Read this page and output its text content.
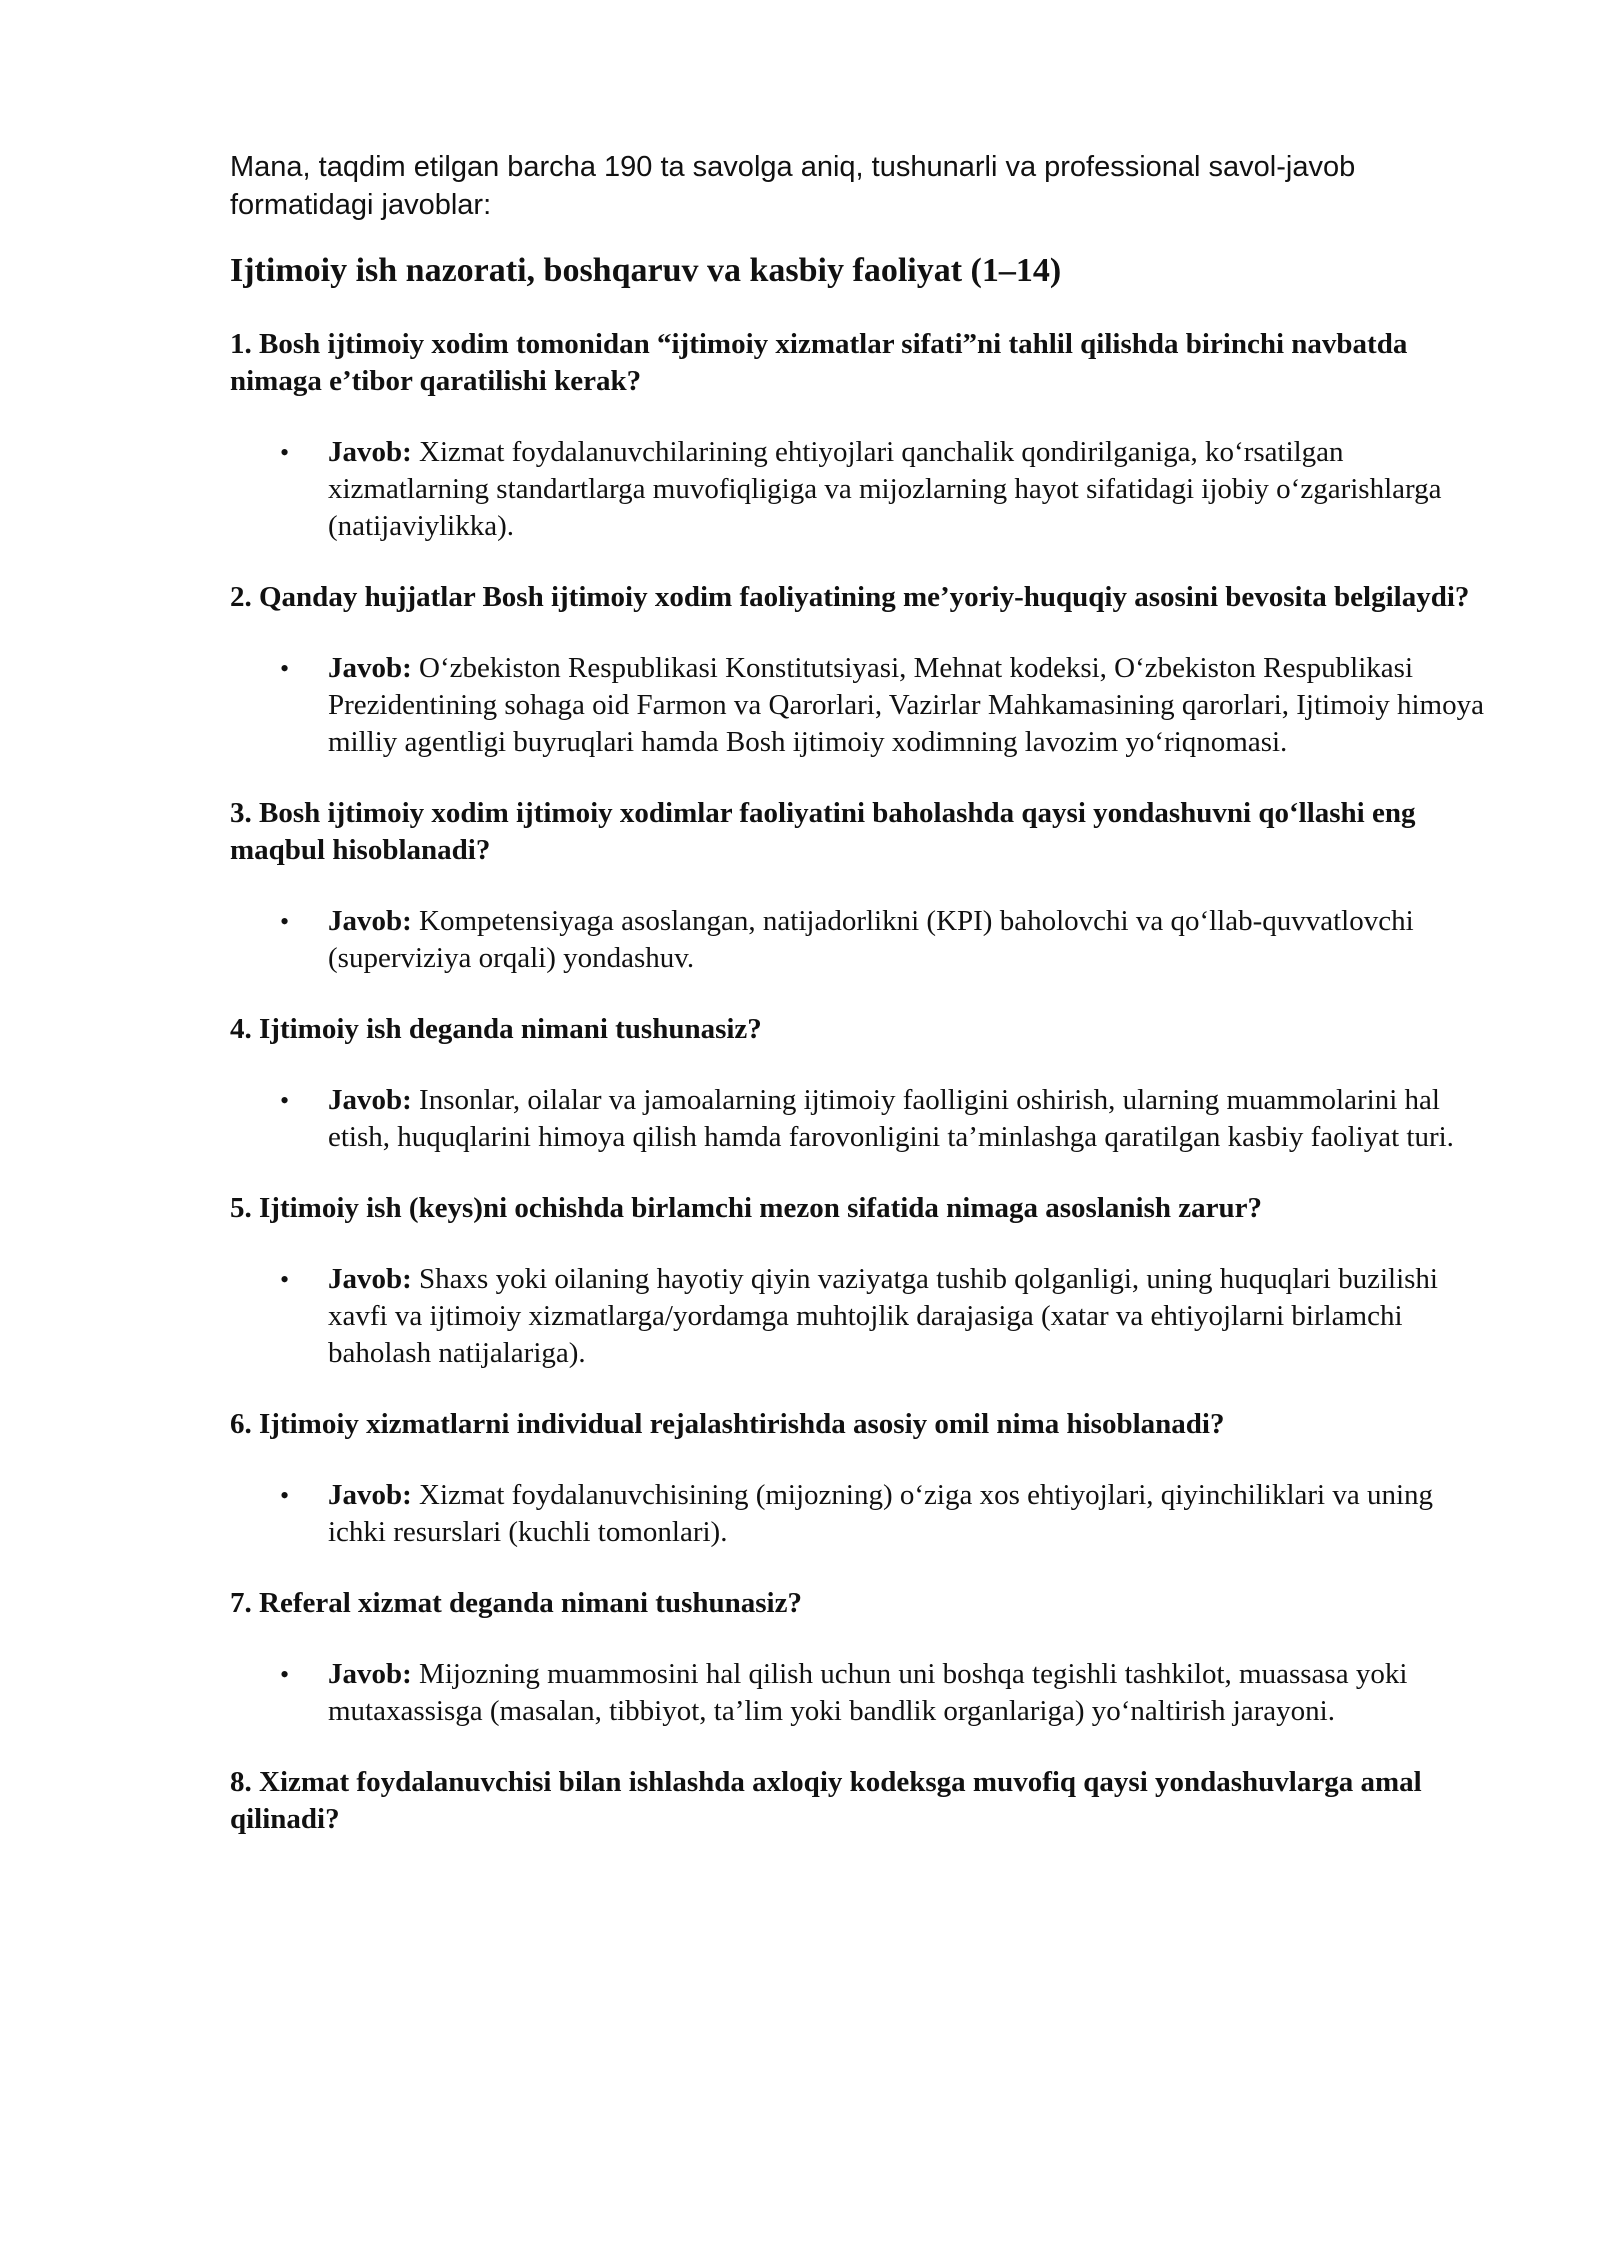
Mana, taqdim etilgan barcha 190 ta savolga aniq, tushunarli va professional savol-javob formatidagi javoblar:

Ijtimoiy ish nazorati, boshqaruv va kasbiy faoliyat (1–14)

1. Bosh ijtimoiy xodim tomonidan “ijtimoiy xizmatlar sifati”ni tahlil qilishda birinchi navbatda nimaga e’tibor qaratilishi kerak?

• Javob: Xizmat foydalanuvchilarining ehtiyojlari qanchalik qondirilganiga, koʻrsatilgan xizmatlarning standartlarga muvofiqligiga va mijozlarning hayot sifatidagi ijobiy oʻzgarishlarga (natijaviylikka).

2. Qanday hujjatlar Bosh ijtimoiy xodim faoliyatining me’yoriy-huquqiy asosini bevosita belgilaydi?

• Javob: Oʻzbekiston Respublikasi Konstitutsiyasi, Mehnat kodeksi, Oʻzbekiston Respublikasi Prezidentining sohaga oid Farmon va Qarorlari, Vazirlar Mahkamasining qarorlari, Ijtimoiy himoya milliy agentligi buyruqlari hamda Bosh ijtimoiy xodimning lavozim yoʻriqnomasi.

3. Bosh ijtimoiy xodim ijtimoiy xodimlar faoliyatini baholashda qaysi yondashuvni qoʻllashi eng maqbul hisoblanadi?

• Javob: Kompetensiyaga asoslangan, natijadorlikni (KPI) baholovchi va qoʻllab-quvvatlovchi (superviziya orqali) yondashuv.

4. Ijtimoiy ish deganda nimani tushunasiz?

• Javob: Insonlar, oilalar va jamoalarning ijtimoiy faolligini oshirish, ularning muammolarini hal etish, huquqlarini himoya qilish hamda farovonligini ta’minlashga qaratilgan kasbiy faoliyat turi.

5. Ijtimoiy ish (keys)ni ochishda birlamchi mezon sifatida nimaga asoslanish zarur?

• Javob: Shaxs yoki oilaning hayotiy qiyin vaziyatga tushib qolganligi, uning huquqlari buzilishi xavfi va ijtimoiy xizmatlarga/yordamga muhtojlik darajasiga (xatar va ehtiyojlarni birlamchi baholash natijalariga).

6. Ijtimoiy xizmatlarni individual rejalashtirishda asosiy omil nima hisoblanadi?

• Javob: Xizmat foydalanuvchisining (mijozning) oʻziga xos ehtiyojlari, qiyinchiliklari va uning ichki resurslari (kuchli tomonlari).

7. Referal xizmat deganda nimani tushunasiz?

• Javob: Mijozning muammosini hal qilish uchun uni boshqa tegishli tashkilot, muassasa yoki mutaxassisga (masalan, tibbiyot, ta’lim yoki bandlik organlariga) yoʻnaltirish jarayoni.

8. Xizmat foydalanuvchisi bilan ishlashda axloqiy kodeksga muvofiq qaysi yondashuvlarga amal qilinadi?
